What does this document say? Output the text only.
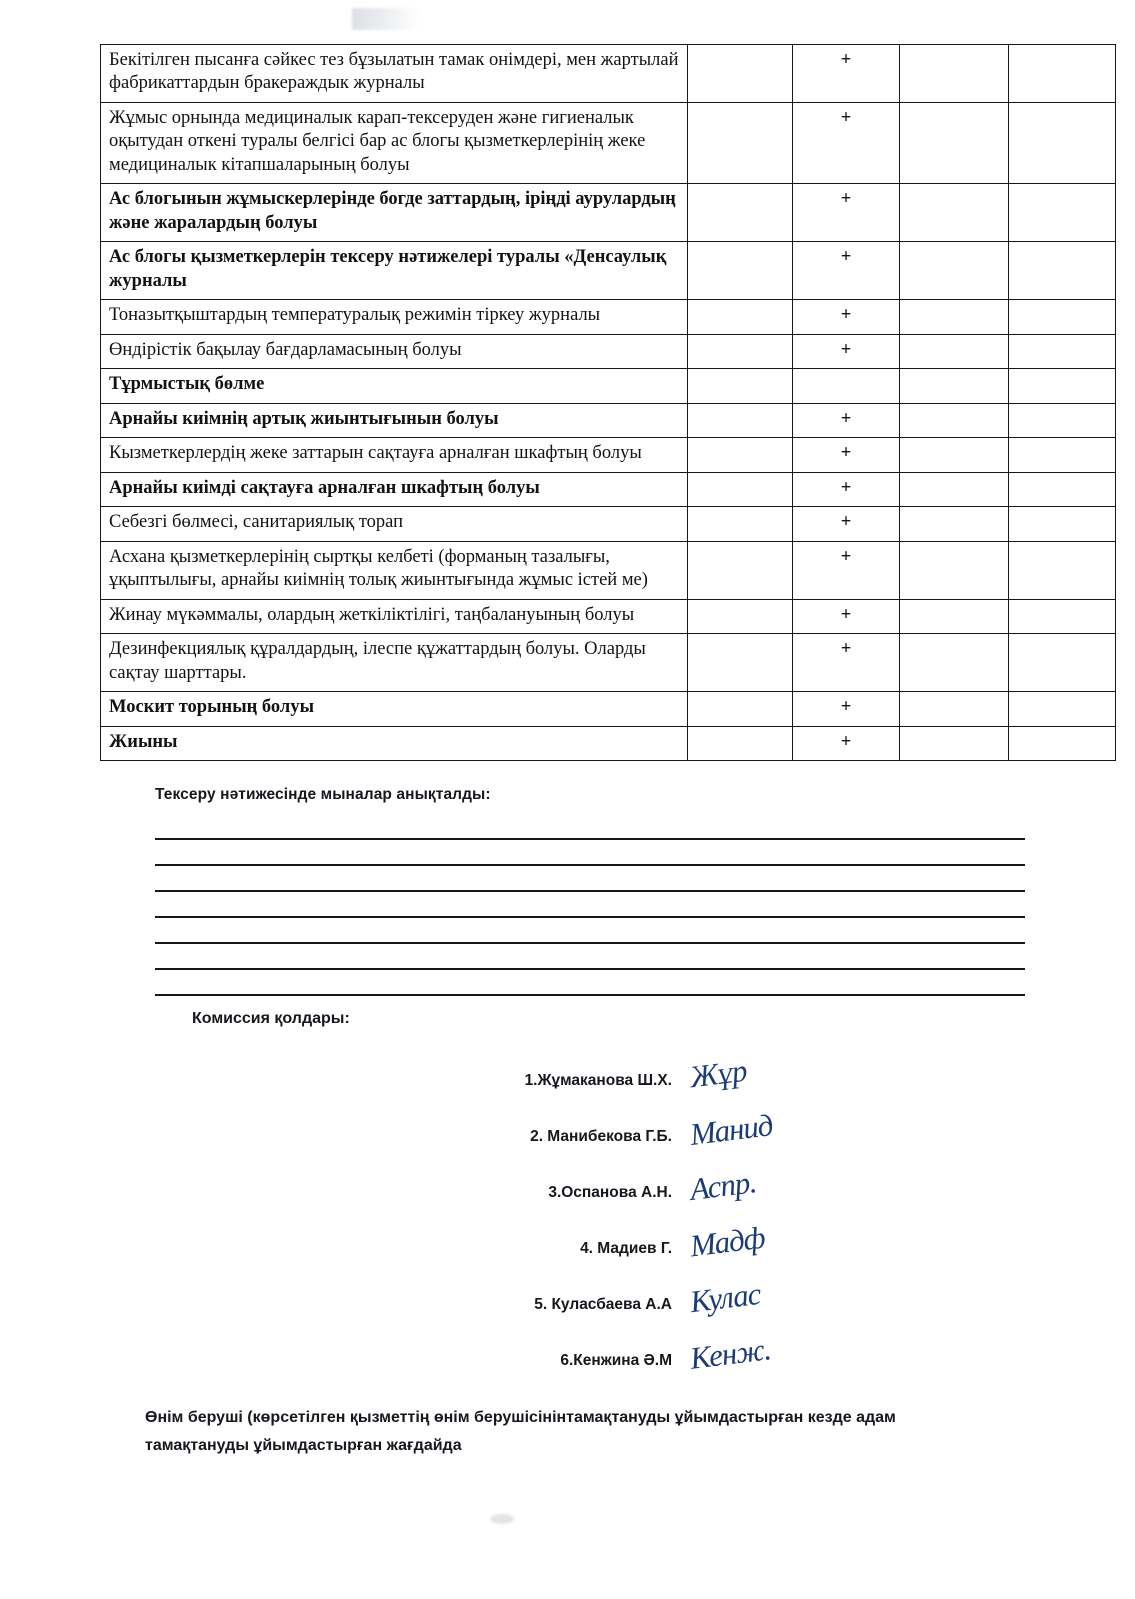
Бекітілген пысанға сәйкес тез бұзылатын тамак онімдері, мен жартылай фабрикаттардын бракераждык журналы		+		
Жұмыс орнында медициналык карап-тексеруден және гигиеналык оқытудан откені туралы белгісі бар ас блогы қызметкерлерінің жеке медициналык кітапшаларының болуы		+		
Ас блогынын жұмыскерлерінде богде заттардың, іріңді аурулардың және жаралардың болуы		+		
Ас блогы қызметкерлерін тексеру нәтижелері туралы «Денсаулық журналы		+		
Тоназытқыштардың температуралық режимін тіркеу журналы		+		
Өндірістік бақылау бағдарламасының болуы		+		
Тұрмыстық бөлме				
Арнайы киімнің артық жиынтығынын болуы		+		
Кызметкерлердің жеке заттарын сақтауға арналған шкафтың болуы		+		
Арнайы киімді сақтауға арналған шкафтың болуы		+		
Себезгі бөлмесі, санитариялық торап		+		
Асхана қызметкерлерінің сыртқы келбеті (форманың тазалығы, ұқыптылығы, арнайы киімнің толық жиынтығында жұмыс істей ме)		+		
Жинау мүкәммалы, олардың жеткіліктілігі, таңбалануының болуы		+		
Дезинфекциялық құралдардың, ілеспе құжаттардың болуы. Оларды сақтау шарттары.		+		
Москит торының болуы		+		
Жиыны		+		
Тексеру нәтижесінде мыналар анықталды:
Комиссия қолдары:
1.Жұмаканова Ш.Х. Жұр
2. Манибекова Г.Б. Манид
3.Оспанова А.Н. Аспр.
4. Мадиев Г. Мадф
5. Куласбаева А.А Кулас
6.Кенжина Ә.М Кенж.
Өнім беруші (көрсетілген қызметтің өнім берушісінінтамақтануды ұйымдастырған кезде адам тамақтануды ұйымдастырған жағдайда
